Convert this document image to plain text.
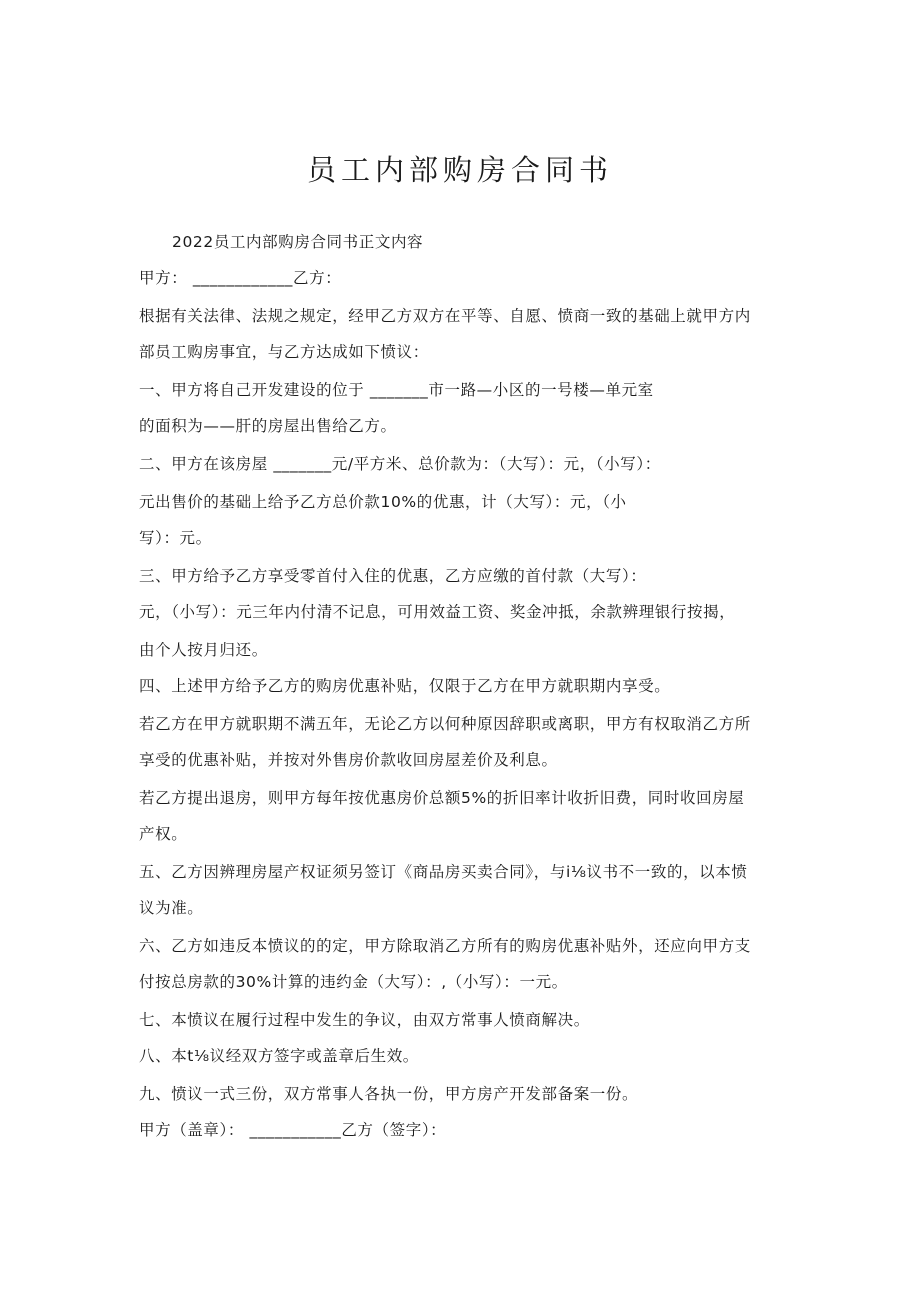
员工内部购房合同书

2022员工内部购房合同书正文内容

甲方： ____________乙方：

根据有关法律、法规之规定，经甲乙方双方在平等、自愿、愤商一致的基础上就甲方内

部员工购房事宜，与乙方达成如下愤议：

一、甲方将自己开发建设的位于 _______市一路—小区的一号楼—单元室

的面积为——肝的房屋出售给乙方。

二、甲方在该房屋 _______元/平方米、总价款为：（大写）：元，（小写）：

元出售价的基础上给予乙方总价款10%的优惠，计（大写）：元，（小

写）：元。

三、甲方给予乙方享受零首付入住的优惠，乙方应缴的首付款（大写）：

元，（小写）：元三年内付清不记息，可用效益工资、奖金冲抵，余款辨理银行按揭，

由个人按月归还。

四、上述甲方给予乙方的购房优惠补贴，仅限于乙方在甲方就职期内享受。

若乙方在甲方就职期不满五年，无论乙方以何种原因辞职或离职，甲方有权取消乙方所

享受的优惠补贴，并按对外售房价款收回房屋差价及利息。

若乙方提出退房，则甲方每年按优惠房价总额5%的折旧率计收折旧费，同时收回房屋

产权。

五、乙方因辨理房屋产权证须另签订《商品房买卖合同》，与i⅛议书不一致的，以本愤

议为准。

六、乙方如违反本愤议的的定，甲方除取消乙方所有的购房优惠补贴外，还应向甲方支

付按总房款的30%计算的违约金（大写）：,（小写）：一元。

七、本愤议在履行过程中发生的争议，由双方常事人愤商解决。

八、本t⅛议经双方签字或盖章后生效。

九、愤议一式三份，双方常事人各执一份，甲方房产开发部备案一份。

甲方（盖章）： ___________乙方（签字）：
